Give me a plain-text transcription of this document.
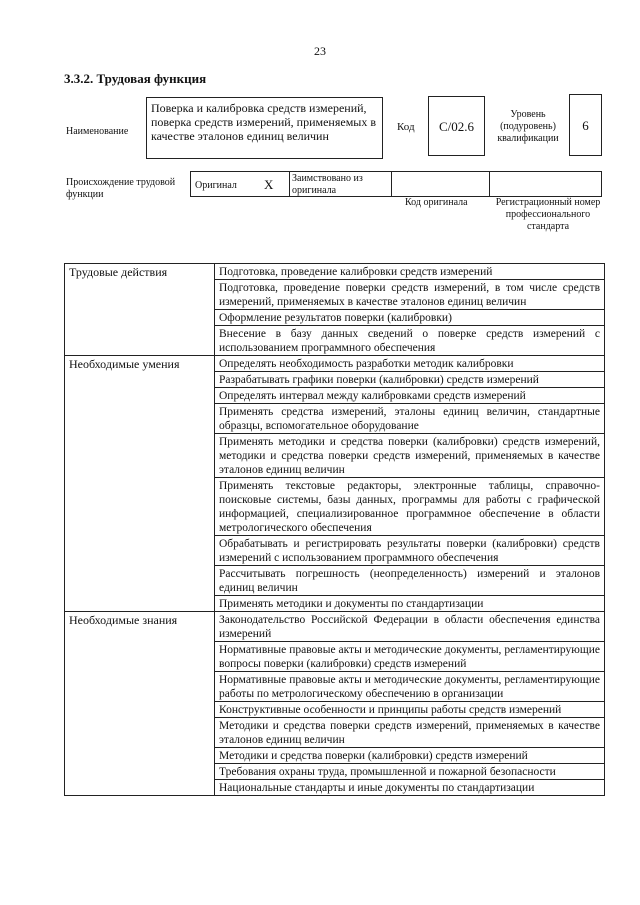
23
3.3.2. Трудовая функция
Наименование
Поверка и калибровка средств измерений, поверка средств измерений, применяемых в качестве эталонов единиц величин
Код	С/02.6
Уровень (подуровень) квалификации
6
Происхождение трудовой функции
Оригинал X Заимствовано из оригинала
Код оригинала	Регистрационный номер профессионального стандарта
Трудовые действия	Подготовка, проведение калибровки средств измерений
	Подготовка, проведение поверки средств измерений, в том числе средств измерений, применяемых в качестве эталонов единиц величин
	Оформление результатов поверки (калибровки)
	Внесение в базу данных сведений о поверке средств измерений с использованием программного обеспечения
Необходимые умения	Определять необходимость разработки методик калибровки
	Разрабатывать графики поверки (калибровки) средств измерений
	Определять интервал между калибровками средств измерений
	Применять средства измерений, эталоны единиц величин, стандартные образцы, вспомогательное оборудование
	Применять методики и средства поверки (калибровки) средств измерений, методики и средства поверки средств измерений, применяемых в качестве эталонов единиц величин
	Применять текстовые редакторы, электронные таблицы, справочно-поисковые системы, базы данных, программы для работы с графической информацией, специализированное программное обеспечение в области метрологического обеспечения
	Обрабатывать и регистрировать результаты поверки (калибровки) средств измерений с использованием программного обеспечения
	Рассчитывать погрешность (неопределенность) измерений и эталонов единиц величин
	Применять методики и документы по стандартизации
Необходимые знания	Законодательство Российской Федерации в области обеспечения единства измерений
	Нормативные правовые акты и методические документы, регламентирующие вопросы поверки (калибровки) средств измерений
	Нормативные правовые акты и методические документы, регламентирующие работы по метрологическому обеспечению в организации
	Конструктивные особенности и принципы работы средств измерений
	Методики и средства поверки средств измерений, применяемых в качестве эталонов единиц величин
	Методики и средства поверки (калибровки) средств измерений
	Требования охраны труда, промышленной и пожарной безопасности
	Национальные стандарты и иные документы по стандартизации
